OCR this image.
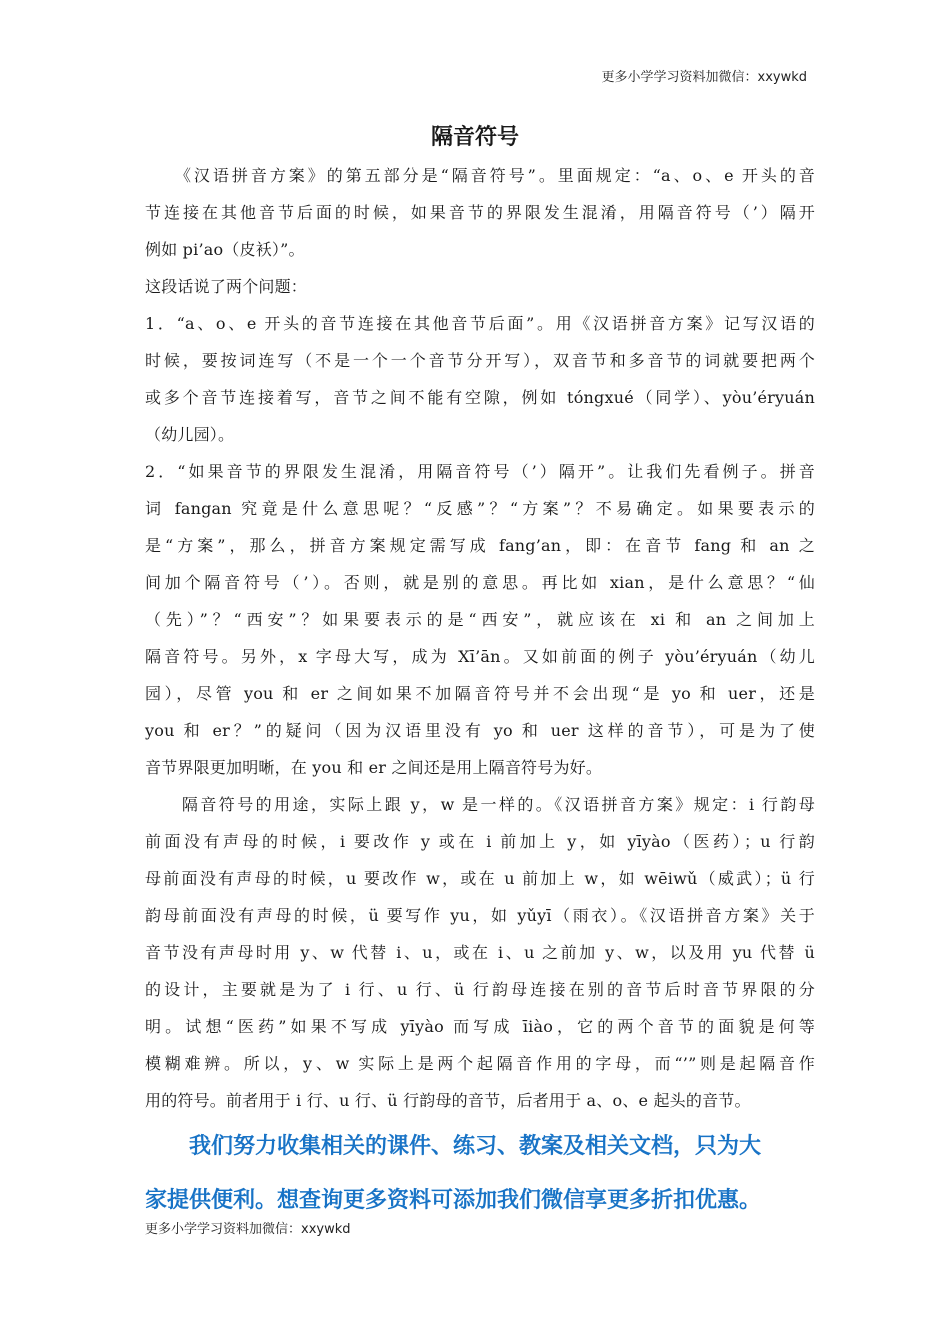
更多小学学习资料加微信：xxywkd
隔音符号
　　《汉语拼音方案》的第五部分是“隔音符号”。里面规定：“a、o、e 开头的音
节连接在其他音节后面的时候，如果音节的界限发生混淆，用隔音符号（’）隔开
例如 pi’ao（皮袄）”。
这段话说了两个问题：
1．“a、o、e 开头的音节连接在其他音节后面”。用《汉语拼音方案》记写汉语的
时候，要按词连写（不是一个一个音节分开写），双音节和多音节的词就要把两个
或多个音节连接着写，音节之间不能有空隙，例如 tóngxué（同学）、yòu’éryuán
（幼儿园）。
2．“如果音节的界限发生混淆，用隔音符号（’）隔开”。让我们先看例子。拼音
词 fangan 究竟是什么意思呢？“反感”？“方案”？不易确定。如果要表示的
是“方案”，那么，拼音方案规定需写成 fang’an，即：在音节 fang 和 an 之
间加个隔音符号（’）。否则，就是别的意思。再比如 xian，是什么意思？“仙
（先）”？“西安”？如果要表示的是“西安”，就应该在 xi 和 an 之间加上
隔音符号。另外，x 字母大写，成为 Xī’ān。又如前面的例子 yòu’éryuán（幼儿
园），尽管 you 和 er 之间如果不加隔音符号并不会出现“是 yo 和 uer，还是
you 和 er？”的疑问（因为汉语里没有 yo 和 uer 这样的音节），可是为了使
音节界限更加明晰，在 you 和 er 之间还是用上隔音符号为好。
　　隔音符号的用途，实际上跟 y，w 是一样的。《汉语拼音方案》规定：i 行韵母
前面没有声母的时候，i 要改作 y 或在 i 前加上 y，如 yīyào（医药）；u 行韵
母前面没有声母的时候，u 要改作 w，或在 u 前加上 w，如 wēiwǔ（威武）；ü 行
韵母前面没有声母的时候，ü 要写作 yu，如 yǔyī（雨衣）。《汉语拼音方案》关于
音节没有声母时用 y、w 代替 i、u，或在 i、u 之前加 y、w，以及用 yu 代替 ü
的设计，主要就是为了 i 行、u 行、ü 行韵母连接在别的音节后时音节界限的分
明。试想“医药”如果不写成 yīyào 而写成 īiào，它的两个音节的面貌是何等
模糊难辨。所以，y、w 实际上是两个起隔音作用的字母，而“’”则是起隔音作
用的符号。前者用于 i 行、u 行、ü 行韵母的音节，后者用于 a、o、e 起头的音节。
　　我们努力收集相关的课件、练习、教案及相关文档，只为大
家提供便利。想查询更多资料可添加我们微信享更多折扣优惠。
更多小学学习资料加微信：xxywkd
